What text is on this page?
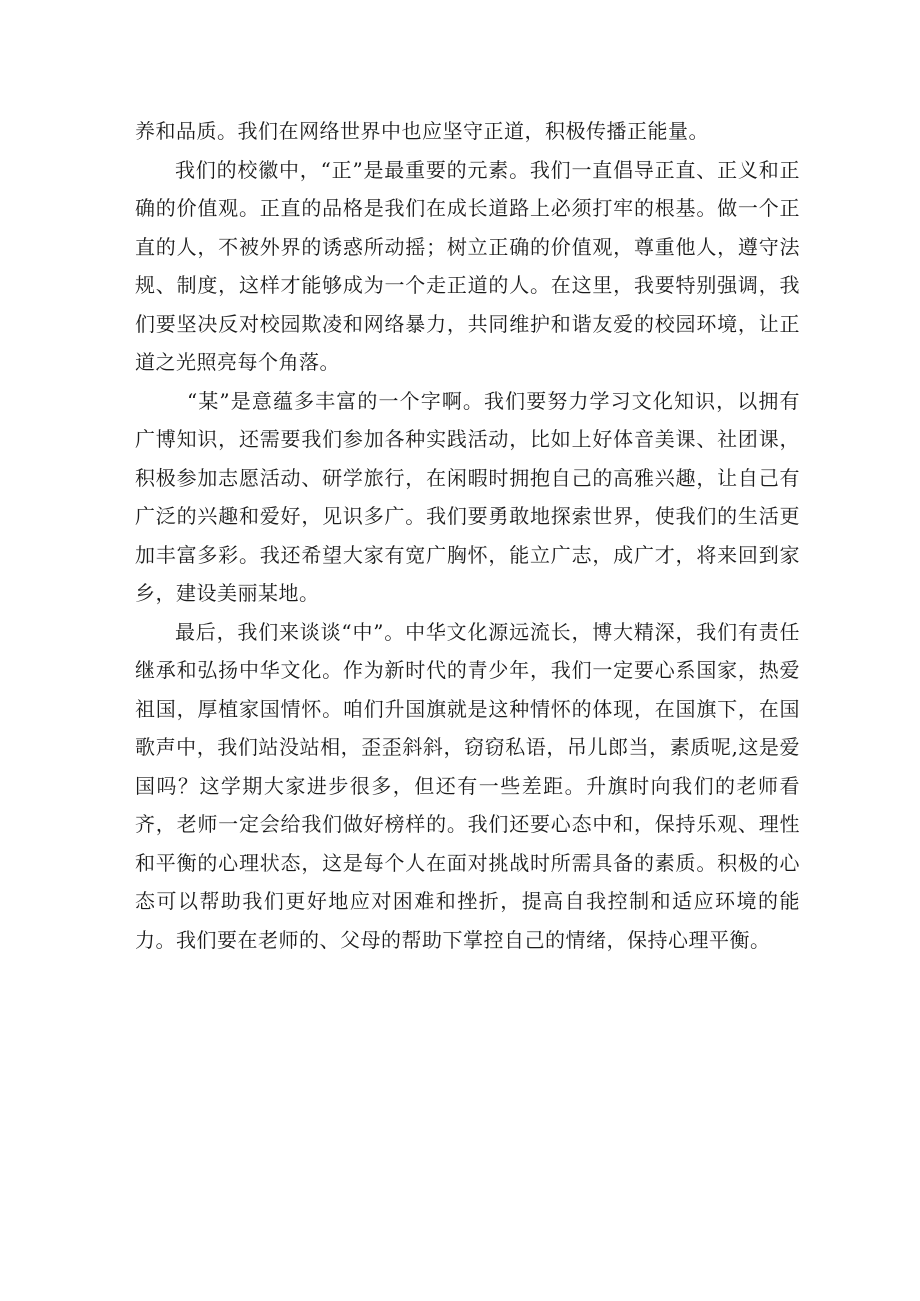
养和品质。我们在网络世界中也应坚守正道，积极传播正能量。

我们的校徽中，“正”是最重要的元素。我们一直倡导正直、正义和正确的价值观。正直的品格是我们在成长道路上必须打牢的根基。做一个正直的人，不被外界的诱惑所动摇；树立正确的价值观，尊重他人，遵守法规、制度，这样才能够成为一个走正道的人。在这里，我要特别强调，我们要坚决反对校园欺凌和网络暴力，共同维护和谐友爱的校园环境，让正道之光照亮每个角落。

“某”是意蕴多丰富的一个字啊。我们要努力学习文化知识，以拥有广博知识，还需要我们参加各种实践活动，比如上好体音美课、社团课，积极参加志愿活动、研学旅行，在闲暇时拥抱自己的高雅兴趣，让自己有广泛的兴趣和爱好，见识多广。我们要勇敢地探索世界，使我们的生活更加丰富多彩。我还希望大家有宽广胸怀，能立广志，成广才，将来回到家乡，建设美丽某地。

最后，我们来谈谈“中”。中华文化源远流长，博大精深，我们有责任继承和弘扬中华文化。作为新时代的青少年，我们一定要心系国家，热爱祖国，厚植家国情怀。咱们升国旗就是这种情怀的体现，在国旗下，在国歌声中，我们站没站相，歪歪斜斜，窃窃私语，吊儿郎当，素质呢,这是爱国吗？这学期大家进步很多，但还有一些差距。升旗时向我们的老师看齐，老师一定会给我们做好榜样的。我们还要心态中和，保持乐观、理性和平衡的心理状态，这是每个人在面对挑战时所需具备的素质。积极的心态可以帮助我们更好地应对困难和挫折，提高自我控制和适应环境的能力。我们要在老师的、父母的帮助下掌控自己的情绪，保持心理平衡。
